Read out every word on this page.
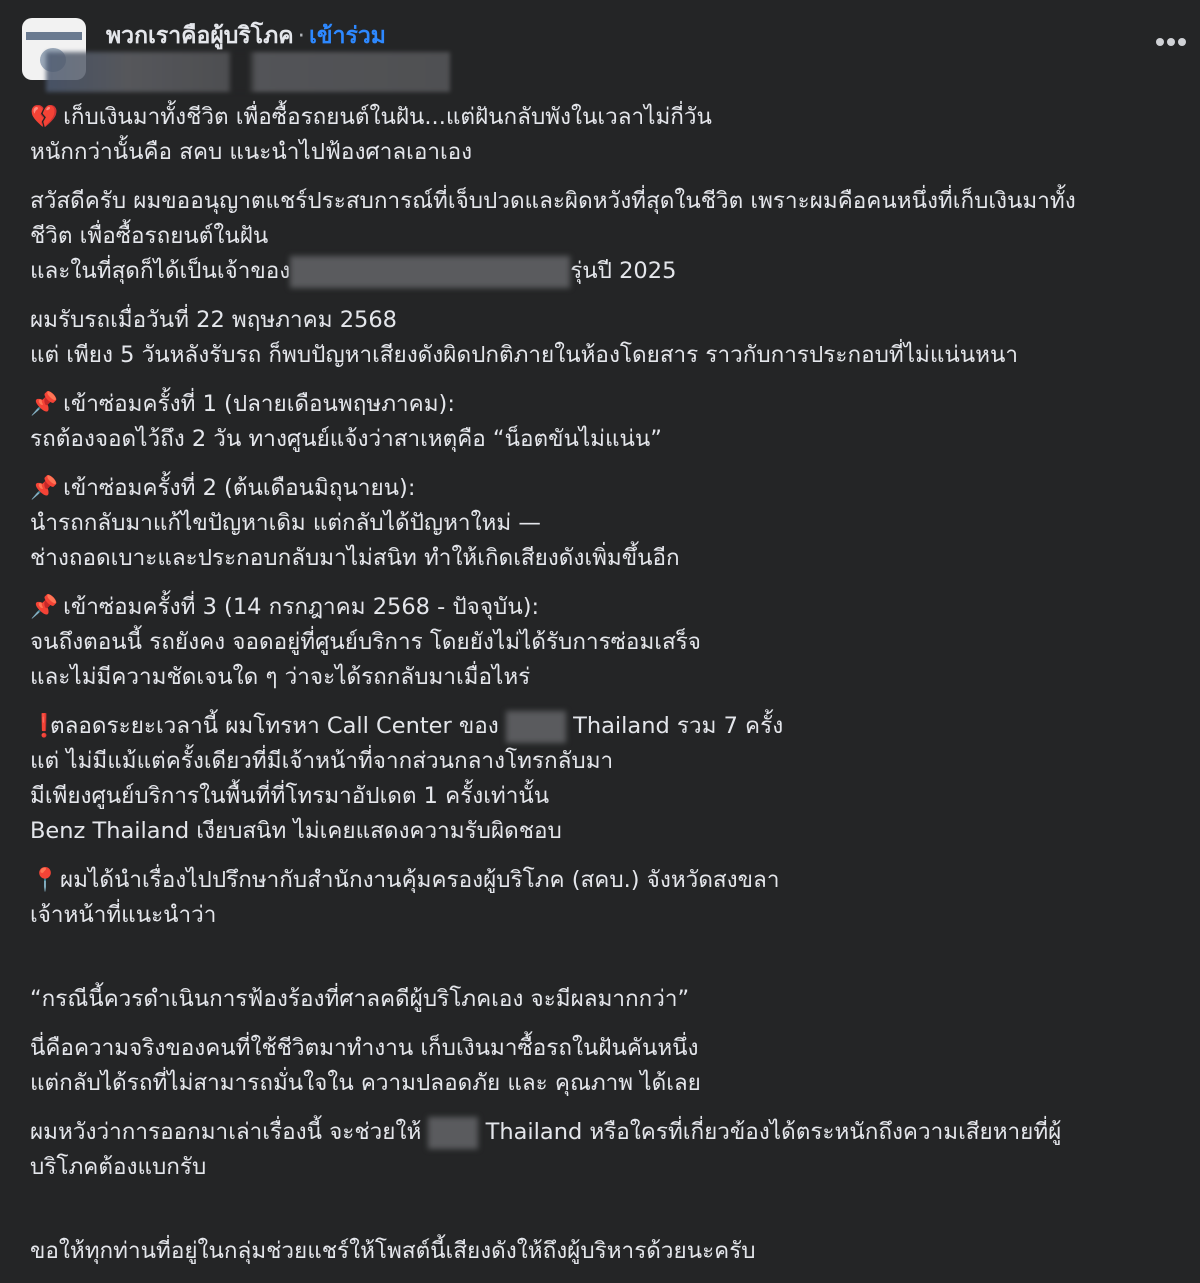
พวกเราคือผู้บริโภค · เข้าร่วม
💔 เก็บเงินมาทั้งชีวิต เพื่อซื้อรถยนต์ในฝัน...แต่ฝันกลับพังในเวลาไม่กี่วัน
หนักกว่านั้นคือ สคบ แนะนำไปฟ้องศาลเอาเอง
สวัสดีครับ ผมขออนุญาตแชร์ประสบการณ์ที่เจ็บปวดและผิดหวังที่สุดในชีวิต เพราะผมคือคนหนึ่งที่เก็บเงินมาทั้ง
ชีวิต เพื่อซื้อรถยนต์ในฝัน
และในที่สุดก็ได้เป็นเจ้าของ	รุ่นปี 2025
ผมรับรถเมื่อวันที่ 22 พฤษภาคม 2568
แต่ เพียง 5 วันหลังรับรถ ก็พบปัญหาเสียงดังผิดปกติภายในห้องโดยสาร ราวกับการประกอบที่ไม่แน่นหนา
📌 เข้าซ่อมครั้งที่ 1 (ปลายเดือนพฤษภาคม):
รถต้องจอดไว้ถึง 2 วัน ทางศูนย์แจ้งว่าสาเหตุคือ “น็อตขันไม่แน่น”
📌 เข้าซ่อมครั้งที่ 2 (ต้นเดือนมิถุนายน):
นำรถกลับมาแก้ไขปัญหาเดิม แต่กลับได้ปัญหาใหม่ —
ช่างถอดเบาะและประกอบกลับมาไม่สนิท ทำให้เกิดเสียงดังเพิ่มขึ้นอีก
📌 เข้าซ่อมครั้งที่ 3 (14 กรกฎาคม 2568 - ปัจจุบัน):
จนถึงตอนนี้ รถยังคง จอดอยู่ที่ศูนย์บริการ โดยยังไม่ได้รับการซ่อมเสร็จ
และไม่มีความชัดเจนใด ๆ ว่าจะได้รถกลับมาเมื่อไหร่
❗ตลอดระยะเวลานี้ ผมโทรหา Call Center ของ	Thailand รวม 7 ครั้ง
แต่ ไม่มีแม้แต่ครั้งเดียวที่มีเจ้าหน้าที่จากส่วนกลางโทรกลับมา
มีเพียงศูนย์บริการในพื้นที่ที่โทรมาอัปเดต 1 ครั้งเท่านั้น
Benz Thailand เงียบสนิท ไม่เคยแสดงความรับผิดชอบ
📍ผมได้นำเรื่องไปปรึกษากับสำนักงานคุ้มครองผู้บริโภค (สคบ.) จังหวัดสงขลา
เจ้าหน้าที่แนะนำว่า
“กรณีนี้ควรดำเนินการฟ้องร้องที่ศาลคดีผู้บริโภคเอง จะมีผลมากกว่า”
นี่คือความจริงของคนที่ใช้ชีวิตมาทำงาน เก็บเงินมาซื้อรถในฝันคันหนึ่ง
แต่กลับได้รถที่ไม่สามารถมั่นใจใน ความปลอดภัย และ คุณภาพ ได้เลย
ผมหวังว่าการออกมาเล่าเรื่องนี้ จะช่วยให้	Thailand หรือใครที่เกี่ยวข้องได้ตระหนักถึงความเสียหายที่ผู้
บริโภคต้องแบกรับ
ขอให้ทุกท่านที่อยู่ในกลุ่มช่วยแชร์ให้โพสต์นี้เสียงดังให้ถึงผู้บริหารด้วยนะครับ
